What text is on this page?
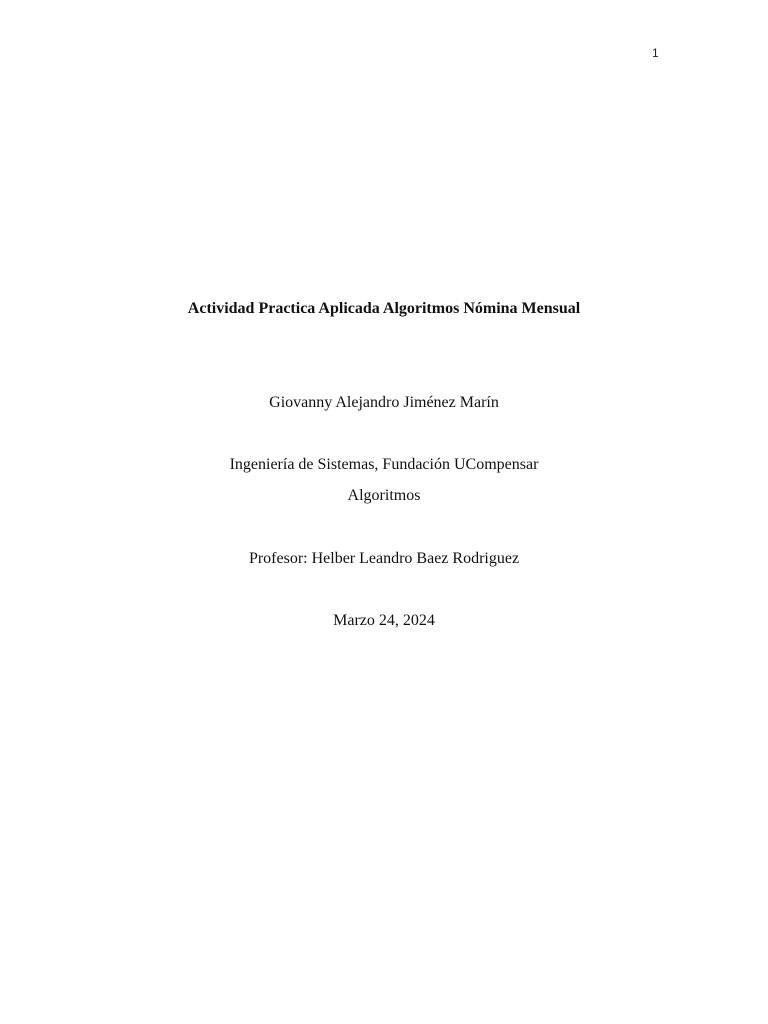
1
Actividad Practica Aplicada Algoritmos Nómina Mensual
Giovanny Alejandro Jiménez Marín
Ingeniería de Sistemas, Fundación UCompensar
Algoritmos
Profesor: Helber Leandro Baez Rodriguez
Marzo 24, 2024
